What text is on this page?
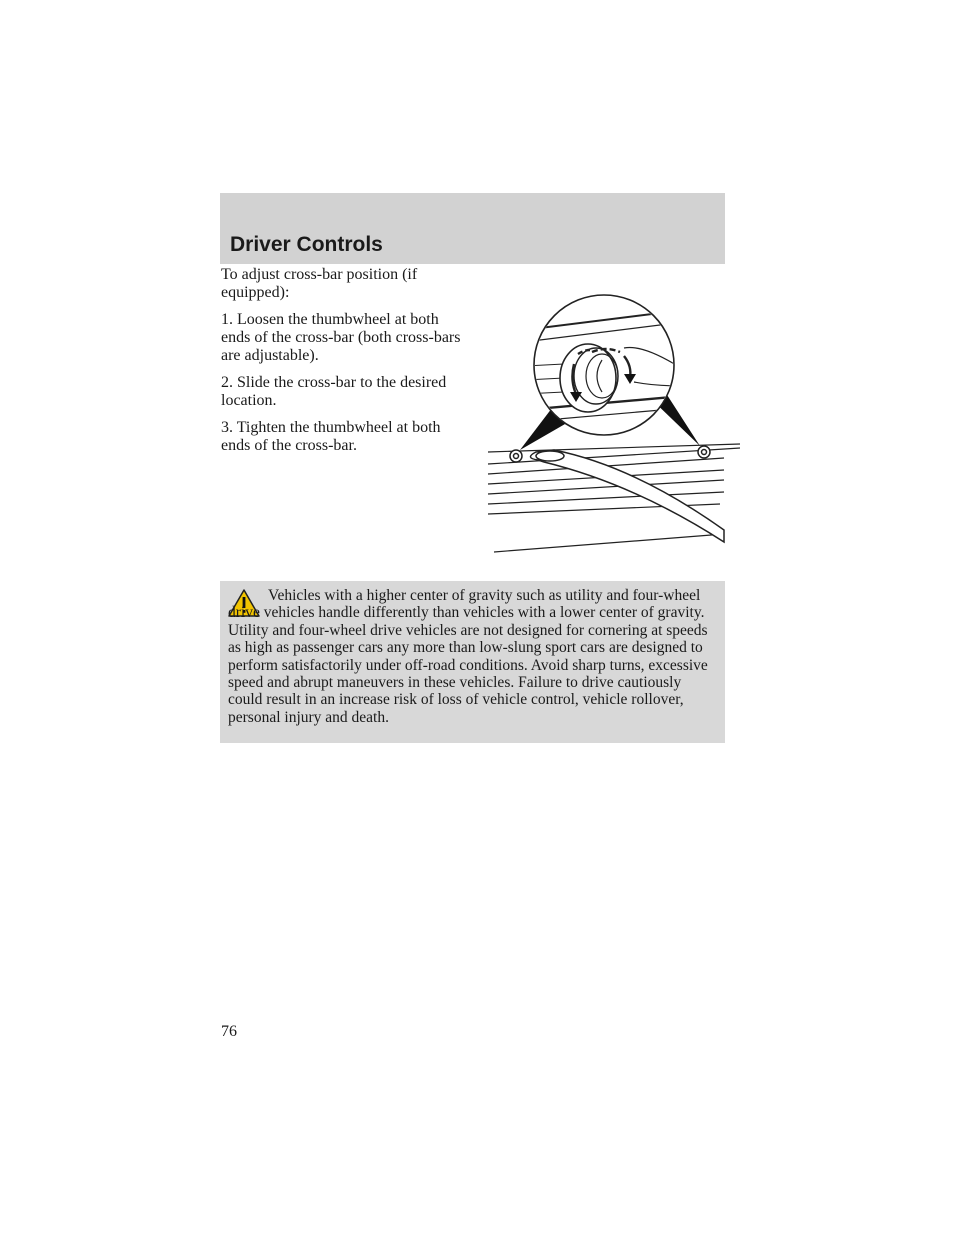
Driver Controls

To adjust cross-bar position (if equipped):

1. Loosen the thumbwheel at both ends of the cross-bar (both cross-bars are adjustable).

2. Slide the cross-bar to the desired location.

3. Tighten the thumbwheel at both ends of the cross-bar.

Vehicles with a higher center of gravity such as utility and four-wheel drive vehicles handle differently than vehicles with a lower center of gravity. Utility and four-wheel drive vehicles are not designed for cornering at speeds as high as passenger cars any more than low-slung sport cars are designed to perform satisfactorily under off-road conditions. Avoid sharp turns, excessive speed and abrupt maneuvers in these vehicles. Failure to drive cautiously could result in an increase risk of loss of vehicle control, vehicle rollover, personal injury and death.

76
